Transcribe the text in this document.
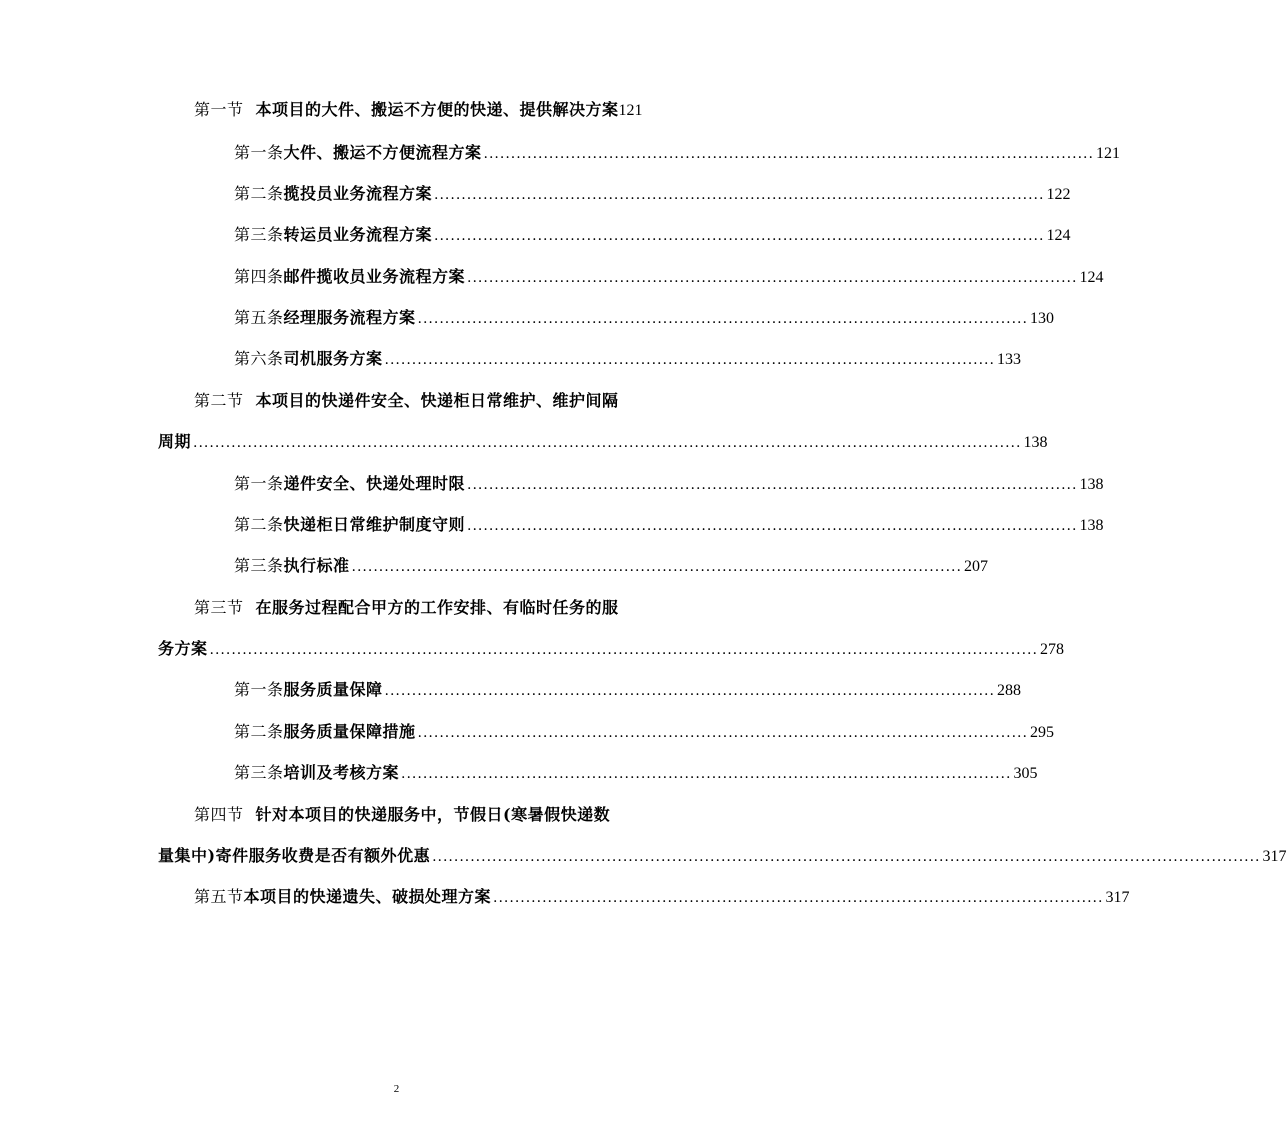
第一节 本项目的大件、搬运不方便的快递、提供解决方案 121
第一条 大件、搬运不方便流程方案 ................................................................................................................ 121
第二条 揽投员业务流程方案 ................................................................................................................ 122
第三条 转运员业务流程方案 ................................................................................................................ 124
第四条 邮件揽收员业务流程方案 ................................................................................................................ 124
第五条 经理服务流程方案 ................................................................................................................ 130
第六条 司机服务方案 ................................................................................................................ 133
第二节 本项目的快递件安全、快递柜日常维护、维护间隔
周期 ........................................................................................................................................................ 138
第一条 递件安全、快递处理时限 ................................................................................................................ 138
第二条 快递柜日常维护制度守则 ................................................................................................................ 138
第三条 执行标准 ................................................................................................................ 207
第三节 在服务过程配合甲方的工作安排、有临时任务的服
务方案 ........................................................................................................................................................ 278
第一条 服务质量保障 ................................................................................................................ 288
第二条 服务质量保障措施 ................................................................................................................ 295
第三条 培训及考核方案 ................................................................................................................ 305
第四节 针对本项目的快递服务中，节假日(寒暑假快递数
量集中)寄件服务收费是否有额外优惠 ........................................................................................................................................................ 317
第五节 本项目的快递遗失、破损处理方案 ................................................................................................................ 317
2
